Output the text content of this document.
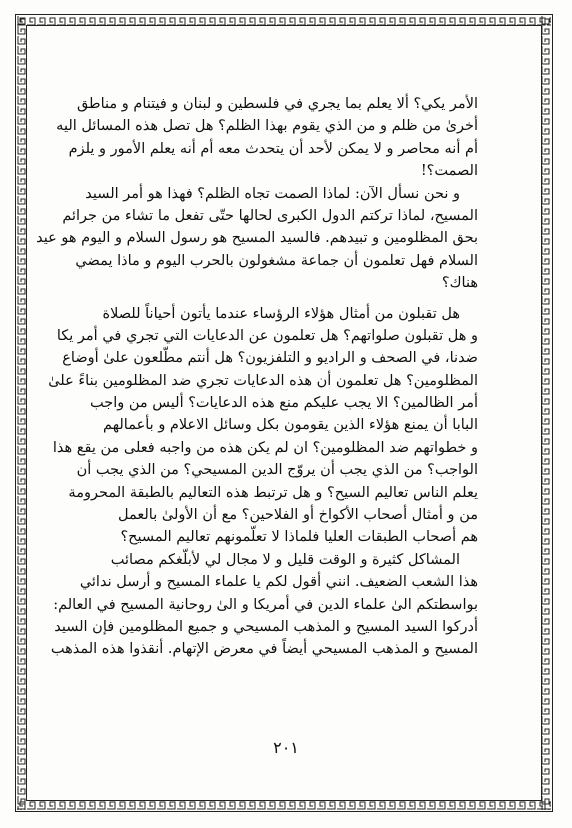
الأمر يكي؟ ألا يعلم بما يجري في فلسطين و لبنان و فيتنام و مناطق
أخرىٰ من ظلم و من الذي يقوم بهذا الظلم؟ هل تصل هذه المسائل اليه
أم أنه محاصر و لا يمكن لأحد أن يتحدث معه أم أنه يعلم الأمور و يلزم
الصمت؟!
و نحن نسأل الآن: لماذا الصمت تجاه الظلم؟ فهذا هو أمر السيد
المسيح، لماذا تركتم الدول الكبرى لحالها حتّى تفعل ما تشاء من جرائم
بحق المظلومين و تبيدهم. فالسيد المسيح هو رسول السلام و اليوم هو عيد
السلام فهل تعلمون أن جماعة مشغولون بالحرب اليوم و ماذا يمضي
هناك؟
هل تقبلون من أمثال هؤلاء الرؤساء عندما يأتون أحياناً للصلاة
و هل تقبلون صلواتهم؟ هل تعلمون عن الدعايات التي تجري في أمر يكا
ضدنا، في الصحف و الراديو و التلفزيون؟ هل أنتم مطّلعون علىٰ أوضاع
المظلومين؟ هل تعلمون أن هذه الدعايات تجري ضد المظلومين بناءً علىٰ
أمر الظالمين؟ الا يجب عليكم منع هذه الدعايات؟ أليس من واجب
البابا أن يمنع هؤلاء الذين يقومون بكل وسائل الاعلام و بأعمالهم
و خطواتهم ضد المظلومين؟ ان لم يكن هذه من واجبه فعلى من يقع هذا
الواجب؟ من الذي يجب أن يروّج الدين المسيحي؟ من الذي يجب أن
يعلم الناس تعاليم السيح؟ و هل ترتبط هذه التعاليم بالطبقة المحرومة
من و أمثال أصحاب الأكواخ أو الفلاحين؟ مع أن الأولىٰ بالعمل
هم أصحاب الطبقات العليا فلماذا لا تعلّمونهم تعاليم المسيح؟
المشاكل كثيرة و الوقت قليل و لا مجال لي لأبلّغكم مصائب
هذا الشعب الضعيف. انني أقول لكم يا علماء المسيح و أرسل ندائي
بواسطتكم الىٰ علماء الدين في أمريكا و الىٰ روحانية المسيح في العالم:
أدركوا السيد المسيح و المذهب المسيحي و جميع المظلومين فإن السيد
المسيح و المذهب المسيحي أيضاً في معرض الإتهام. أنقذوا هذه المذهب
٢٠١
